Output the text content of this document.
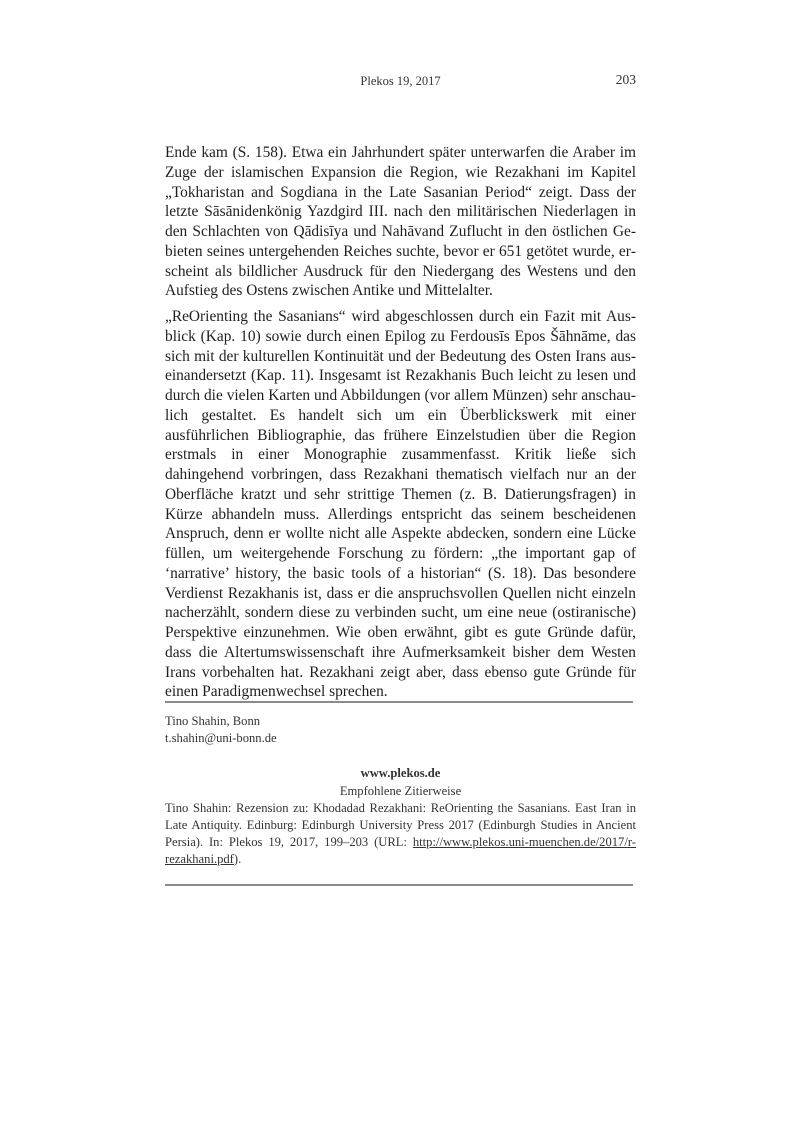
Plekos 19, 2017	203

Ende kam (S. 158). Etwa ein Jahrhundert später unterwarfen die Araber im Zuge der islamischen Expansion die Region, wie Rezakhani im Kapitel „Tokharistan and Sogdiana in the Late Sasanian Period“ zeigt. Dass der letzte Sāsānidenkönig Yazdgird III. nach den militärischen Niederlagen in den Schlachten von Qādisīya und Nahāvand Zuflucht in den östlichen Gebieten seines untergehenden Reiches suchte, bevor er 651 getötet wurde, erscheint als bildlicher Ausdruck für den Niedergang des Westens und den Aufstieg des Ostens zwischen Antike und Mittelalter.

„ReOrienting the Sasanians“ wird abgeschlossen durch ein Fazit mit Ausblick (Kap. 10) sowie durch einen Epilog zu Ferdousīs Epos Šāhnāme, das sich mit der kulturellen Kontinuität und der Bedeutung des Osten Irans auseinandersetzt (Kap. 11). Insgesamt ist Rezakhanis Buch leicht zu lesen und durch die vielen Karten und Abbildungen (vor allem Münzen) sehr anschaulich gestaltet. Es handelt sich um ein Überblickswerk mit einer ausführlichen Bibliographie, das frühere Einzelstudien über die Region erstmals in einer Monographie zusammenfasst. Kritik ließe sich dahingehend vorbringen, dass Rezakhani thematisch vielfach nur an der Oberfläche kratzt und sehr strittige Themen (z. B. Datierungsfragen) in Kürze abhandeln muss. Allerdings entspricht das seinem bescheidenen Anspruch, denn er wollte nicht alle Aspekte abdecken, sondern eine Lücke füllen, um weitergehende Forschung zu fördern: „the important gap of ‘narrative’ history, the basic tools of a historian“ (S. 18). Das besondere Verdienst Rezakhanis ist, dass er die anspruchsvollen Quellen nicht einzeln nacherzählt, sondern diese zu verbinden sucht, um eine neue (ostiranische) Perspektive einzunehmen. Wie oben erwähnt, gibt es gute Gründe dafür, dass die Altertumswissenschaft ihre Aufmerksamkeit bisher dem Westen Irans vorbehalten hat. Rezakhani zeigt aber, dass ebenso gute Gründe für einen Paradigmenwechsel sprechen.

Tino Shahin, Bonn
t.shahin@uni-bonn.de
www.plekos.de
Empfohlene Zitierweise
Tino Shahin: Rezension zu: Khodadad Rezakhani: ReOrienting the Sasanians. East Iran in Late Antiquity. Edinburg: Edinburgh University Press 2017 (Edinburgh Studies in Ancient Persia). In: Plekos 19, 2017, 199–203 (URL: http://www.plekos.uni-muenchen.de/2017/r-rezakhani.pdf).
